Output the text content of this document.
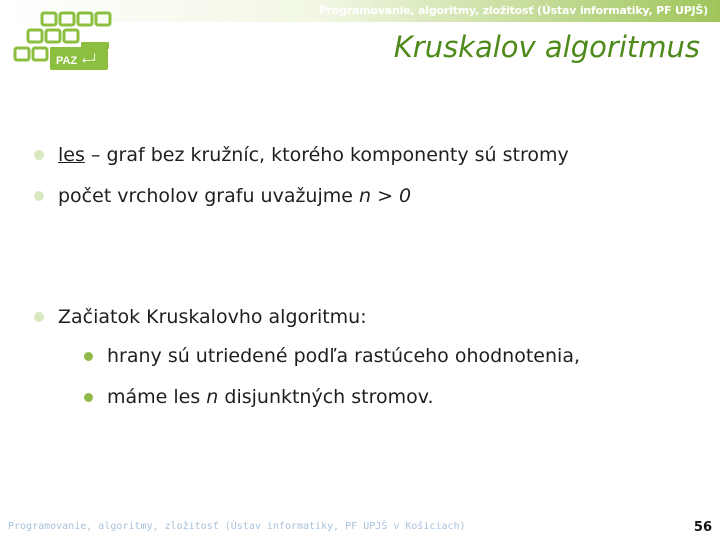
Programovanie, algoritmy, zložitosť (Ústav informatiky, PF UPJŠ)
PAZ ←┘	Kruskalov algoritmus
les – graf bez kružníc, ktorého komponenty sú stromy
počet vrcholov grafu uvažujme n > 0
Začiatok Kruskalovho algoritmu:
hrany sú utriedené podľa rastúceho ohodnotenia,
máme les n disjunktných stromov.
Programovanie, algoritmy, zložitosť (Ústav informatiky, PF UPJŠ v Košiciach)	56
